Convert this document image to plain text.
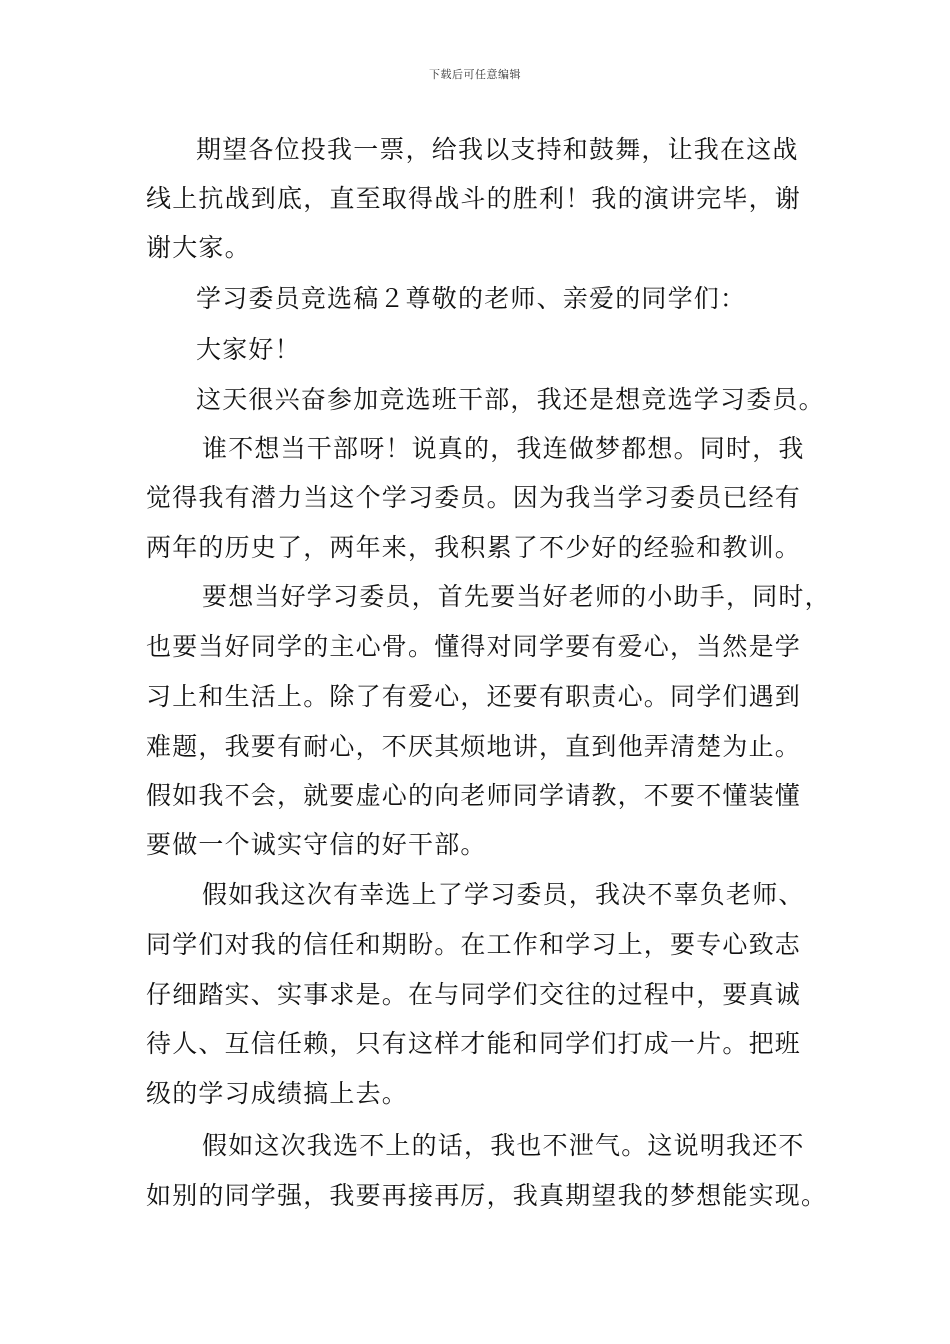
下载后可任意编辑
期望各位投我一票，给我以支持和鼓舞，让我在这战
线上抗战到底，直至取得战斗的胜利！我的演讲完毕，谢
谢大家。
学习委员竞选稿２尊敬的老师、亲爱的同学们：
大家好！
这天很兴奋参加竞选班干部，我还是想竞选学习委员。
谁不想当干部呀！说真的，我连做梦都想。同时，我
觉得我有潜力当这个学习委员。因为我当学习委员已经有
两年的历史了，两年来，我积累了不少好的经验和教训。
要想当好学习委员，首先要当好老师的小助手，同时，
也要当好同学的主心骨。懂得对同学要有爱心，当然是学
习上和生活上。除了有爱心，还要有职责心。同学们遇到
难题，我要有耐心，不厌其烦地讲，直到他弄清楚为止。
假如我不会，就要虚心的向老师同学请教，不要不懂装懂
要做一个诚实守信的好干部。
假如我这次有幸选上了学习委员，我决不辜负老师、
同学们对我的信任和期盼。在工作和学习上，要专心致志
仔细踏实、实事求是。在与同学们交往的过程中，要真诚
待人、互信任赖，只有这样才能和同学们打成一片。把班
级的学习成绩搞上去。
假如这次我选不上的话，我也不泄气。这说明我还不
如别的同学强，我要再接再厉，我真期望我的梦想能实现。
